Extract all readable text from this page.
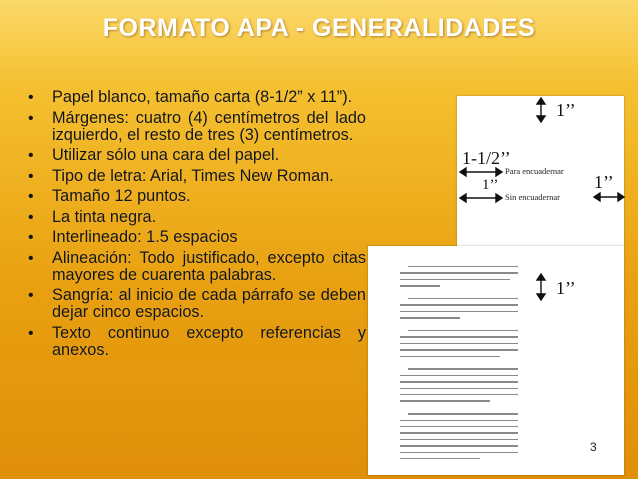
FORMATO APA - GENERALIDADES
• Papel blanco, tamaño carta (8-1/2” x 11”).
• Márgenes: cuatro (4) centímetros del lado izquierdo, el resto de tres (3) centímetros.
• Utilizar sólo una cara del papel.
• Tipo de letra: Arial, Times New Roman.
• Tamaño 12 puntos.
• La tinta negra.
• Interlineado: 1.5 espacios
• Alineación: Todo justificado, excepto citas mayores de cuarenta palabras.
• Sangría: al inicio de cada párrafo se deben dejar cinco espacios.
• Texto continuo excepto referencias y anexos.
1’’
1-1/2’’
Para encuadernar
1’’
Sin encuadernar
1’’
1’’
3
